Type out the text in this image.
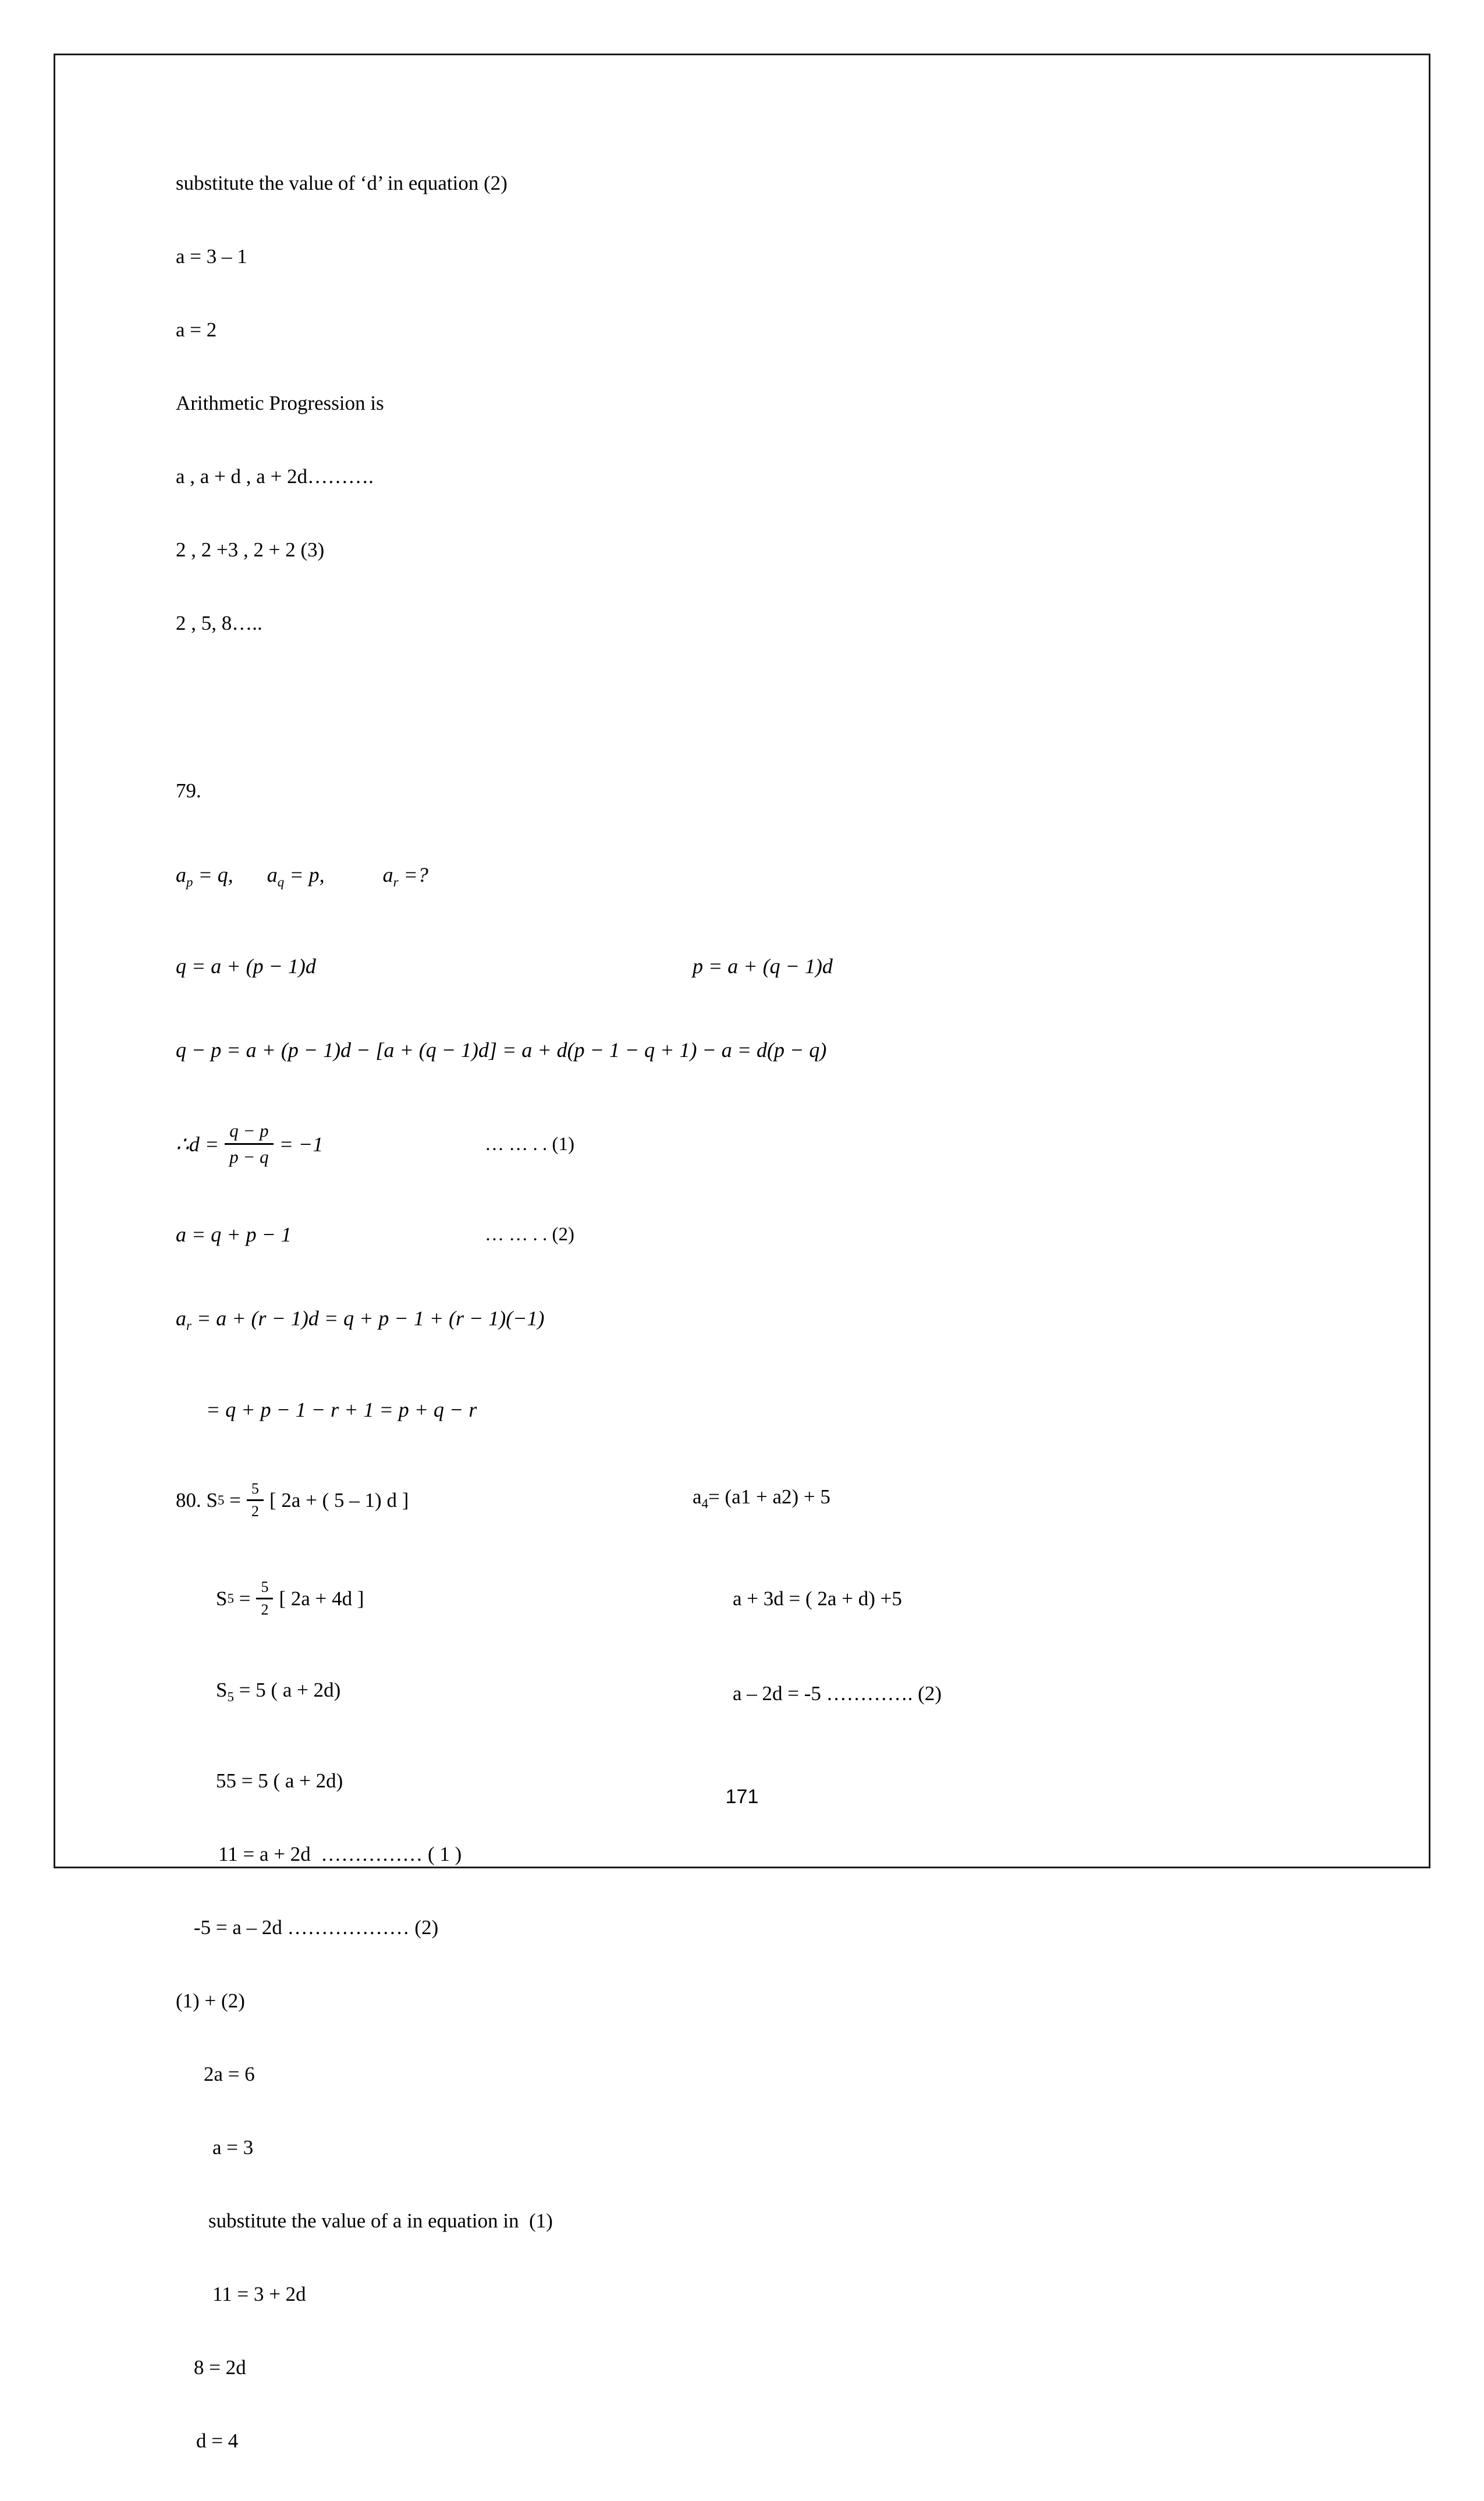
substitute the value of ‘d’ in equation (2)

a = 3 – 1

a = 2

Arithmetic Progression is

a , a + d , a + 2d……….

2 , 2 +3 , 2 + 2 (3)

2 , 5, 8…..

79.

$a_p = q$, $a_q = p$,	$a_r$ =?

q = a + (p − 1)d	p = a + (q − 1)d

q − p = a + (p − 1)d − [a + (q − 1)d] = a + d(p − 1 − q + 1) − a = d(p − q)

∴d = $\frac{q - p}{p - q} = -1$	… … . . (1)

a = q + p − 1	… … . . (2)

$a_r = a + (r - 1)d = q + p - 1 + (r - 1)(-1)$

= q + p − 1 − r + 1 = p + q − r

80. S $5 = \frac{5}{2}$ [ 2a + ( 5 – 1) d ]	$a_4= (a1 + a2) + 5$

S $5 = \frac{5}{2}$ [ 2a + 4d ]	a + 3d = ( 2a + d) +5

$S_5 = 5$ ( a + 2d)	a – 2d = -5 …………. (2)

55 = 5 ( a + 2d)

11 = a + 2d  …………… ( 1 )

-5 = a – 2d ……………… (2)

(1) + (2)

2a = 6

a = 3

substitute the value of a in equation in  (1)

11 = 3 + 2d

8 = 2d

d = 4

171
